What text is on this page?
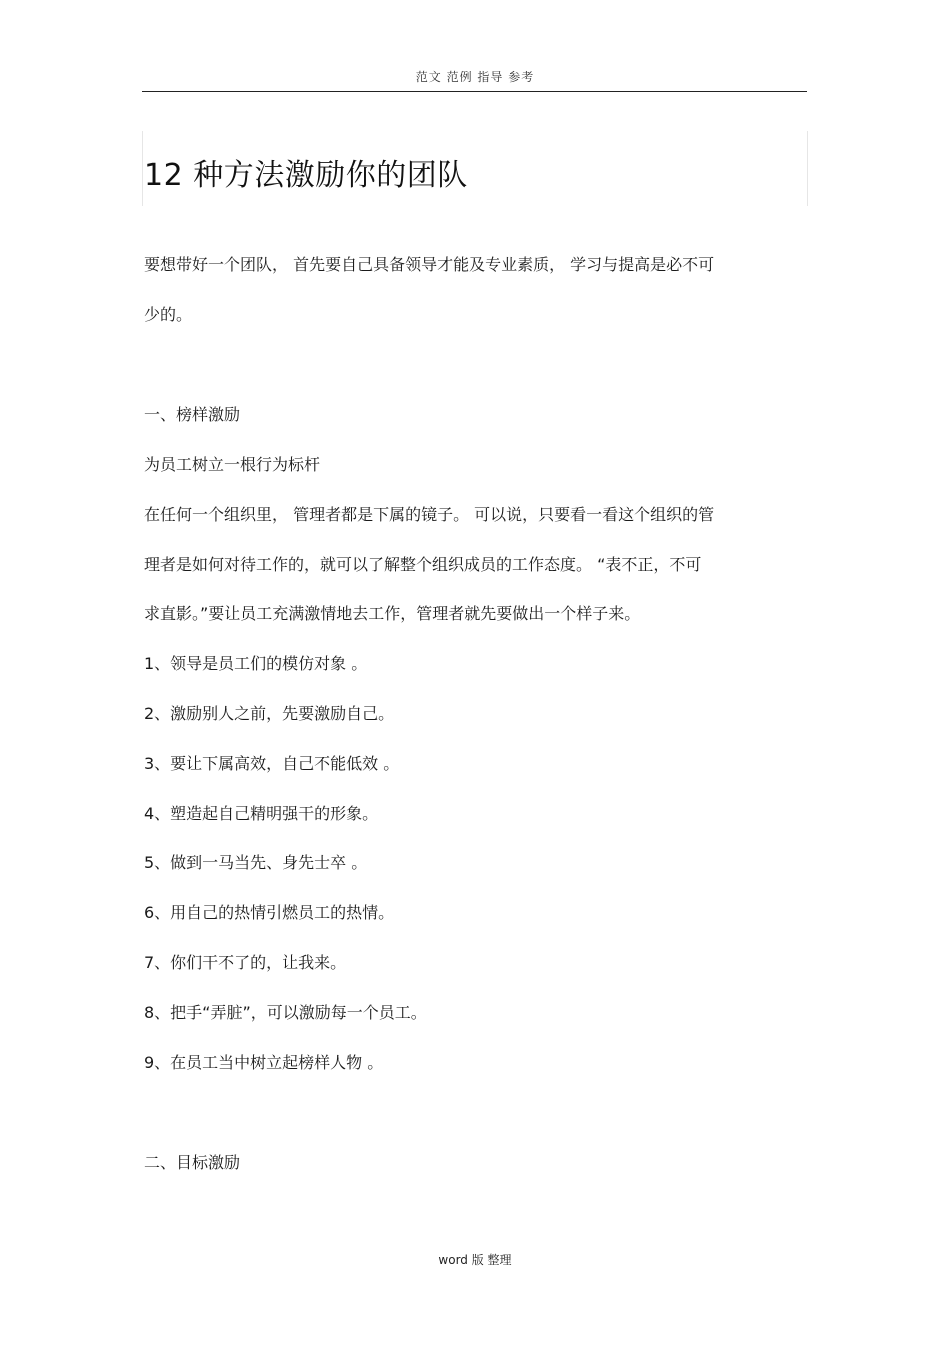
范文 范例 指导 参考
12 种方法激励你的团队
要想带好一个团队， 首先要自己具备领导才能及专业素质， 学习与提高是必不可
少的。
一、榜样激励
为员工树立一根行为标杆
在任何一个组织里， 管理者都是下属的镜子。 可以说，只要看一看这个组织的管
理者是如何对待工作的，就可以了解整个组织成员的工作态度。 “表不正，不可
求直影。”要让员工充满激情地去工作，管理者就先要做出一个样子来。
1、领导是员工们的模仿对象 。
2、激励别人之前，先要激励自己。
3、要让下属高效，自己不能低效 。
4、塑造起自己精明强干的形象。
5、做到一马当先、身先士卒 。
6、用自己的热情引燃员工的热情。
7、你们干不了的，让我来。
8、把手“弄脏”，可以激励每一个员工。
9、在员工当中树立起榜样人物 。
二、目标激励
word 版 整理
